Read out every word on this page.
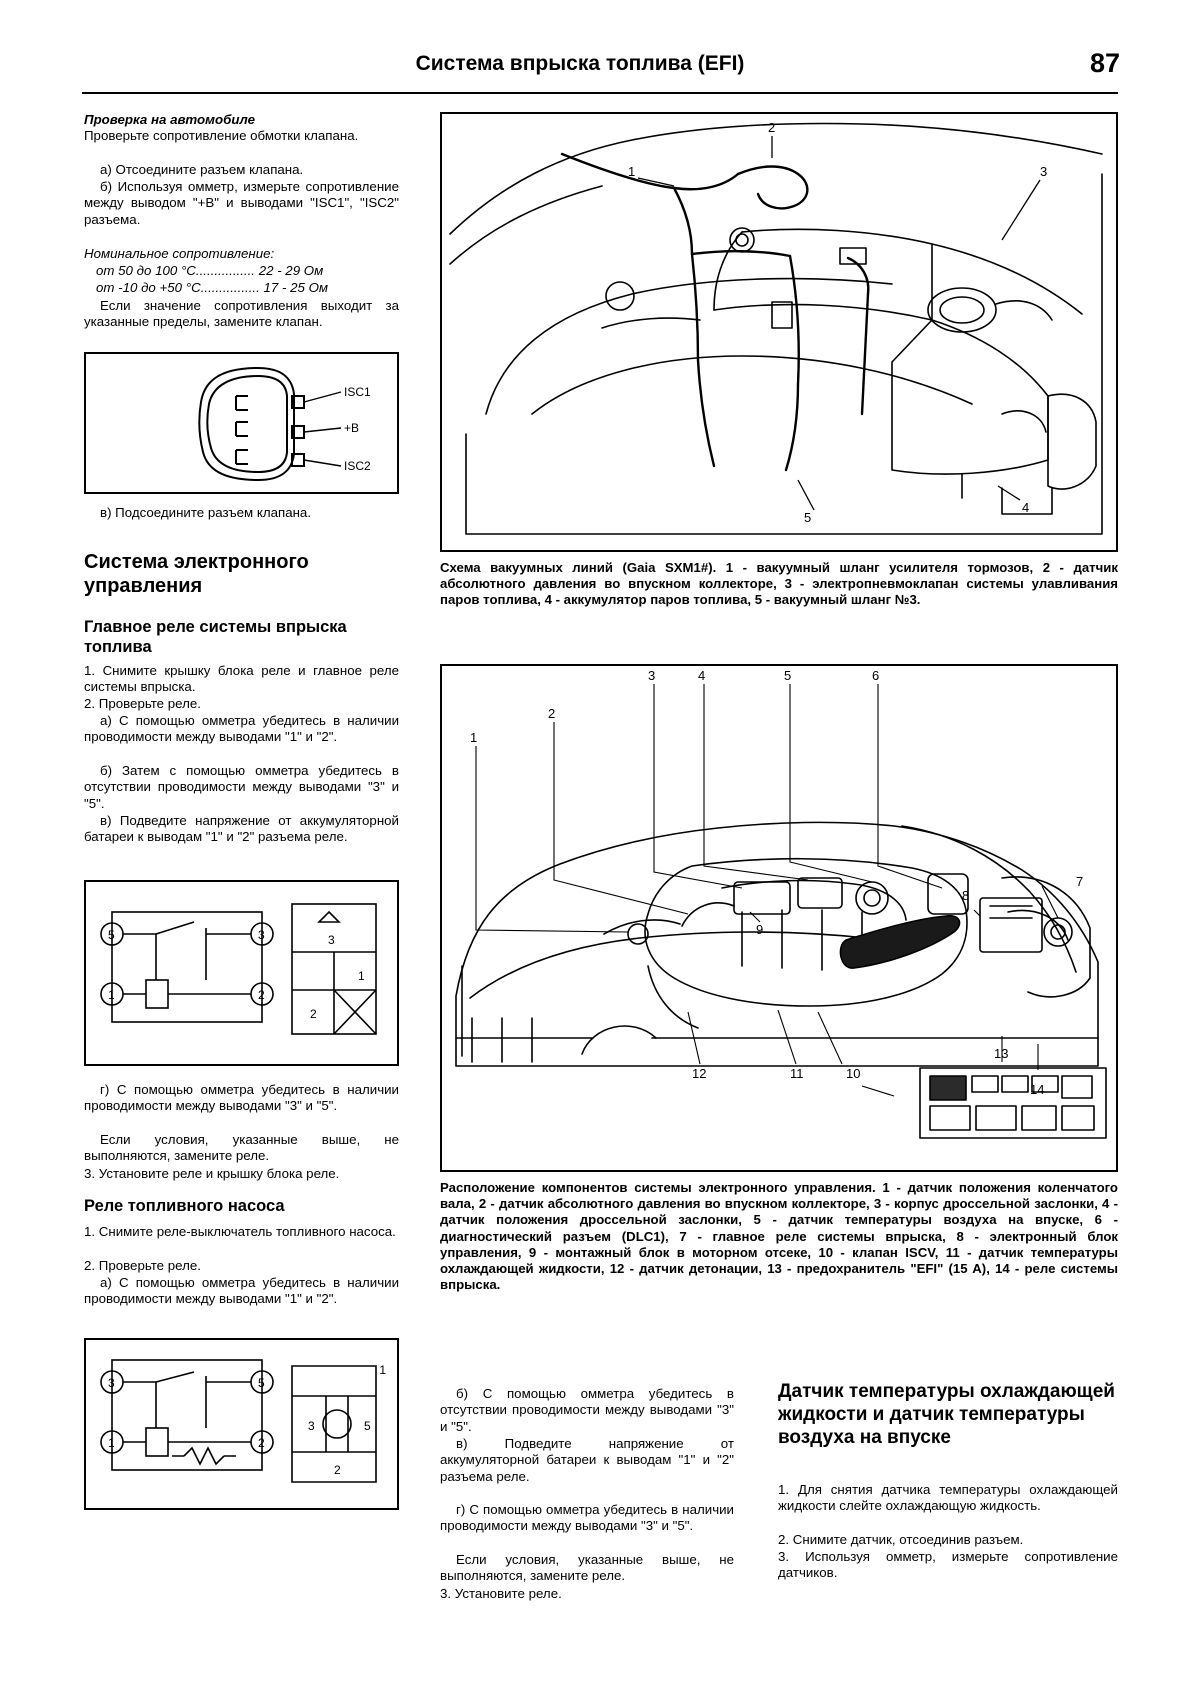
Система впрыска топлива (EFI)	87

Проверка на автомобиле

Проверьте сопротивление обмотки клапана.

а) Отсоедините разъем клапана.

б) Используя омметр, измерьте сопротивление между выводом "+B" и выводами "ISC1", "ISC2" разъема.

Номинальное сопротивление:

от 50 до 100 °C................ 22 - 29 Ом

от -10 до +50 °C................ 17 - 25 Ом

Если значение сопротивления выходит за указанные пределы, замените клапан.

ISC1
+B
ISC2

в) Подсоедините разъем клапана.

Система электронного управления
Главное реле системы впрыска топлива

1. Снимите крышку блока реле и главное реле системы впрыска.

2. Проверьте реле.

а) С помощью омметра убедитесь в наличии проводимости между выводами "1" и "2".

б) Затем с помощью омметра убедитесь в отсутствии проводимости между выводами "3" и "5".

в) Подведите напряжение от аккумуляторной батареи к выводам "1" и "2" разъема реле.

5	3
1	2
3
2
1

г) С помощью омметра убедитесь в наличии проводимости между выводами "3" и "5".

Если условия, указанные выше, не выполняются, замените реле.

3. Установите реле и крышку блока реле.

Реле топливного насоса

1. Снимите реле-выключатель топливного насоса.

2. Проверьте реле.

а) С помощью омметра убедитесь в наличии проводимости между выводами "1" и "2".

3	5
1	2
1
3	5
2
1
2
3
4
5
Схема вакуумных линий (Gaia SXM1#). 1 - вакуумный шланг усилителя тормозов, 2 - датчик абсолютного давления во впускном коллекторе, 3 - электропневмоклапан системы улавливания паров топлива, 4 - аккумулятор паров топлива, 5 - вакуумный шланг №3.
1
2
3	4	5	6
7
8
9
10
11
12
13
14
Расположение компонентов системы электронного управления. 1 - датчик положения коленчатого вала, 2 - датчик абсолютного давления во впускном коллекторе, 3 - корпус дроссельной заслонки, 4 - датчик положения дроссельной заслонки, 5 - датчик температуры воздуха на впуске, 6 - диагностический разъем (DLC1), 7 - главное реле системы впрыска, 8 - электронный блок управления, 9 - монтажный блок в моторном отсеке, 10 - клапан ISCV, 11 - датчик температуры охлаждающей жидкости, 12 - датчик детонации, 13 - предохранитель "EFI" (15 A), 14 - реле системы впрыска.

б) С помощью омметра убедитесь в отсутствии проводимости между выводами "3" и "5".

в) Подведите напряжение от аккумуляторной батареи к выводам "1" и "2" разъема реле.

г) С помощью омметра убедитесь в наличии проводимости между выводами "3" и "5".

Если условия, указанные выше, не выполняются, замените реле.

3. Установите реле.

Датчик температуры охлаждающей жидкости и датчик температуры воздуха на впуске

1. Для снятия датчика температуры охлаждающей жидкости слейте охлаждающую жидкость.

2. Снимите датчик, отсоединив разъем.

3. Используя омметр, измерьте сопротивление датчиков.
